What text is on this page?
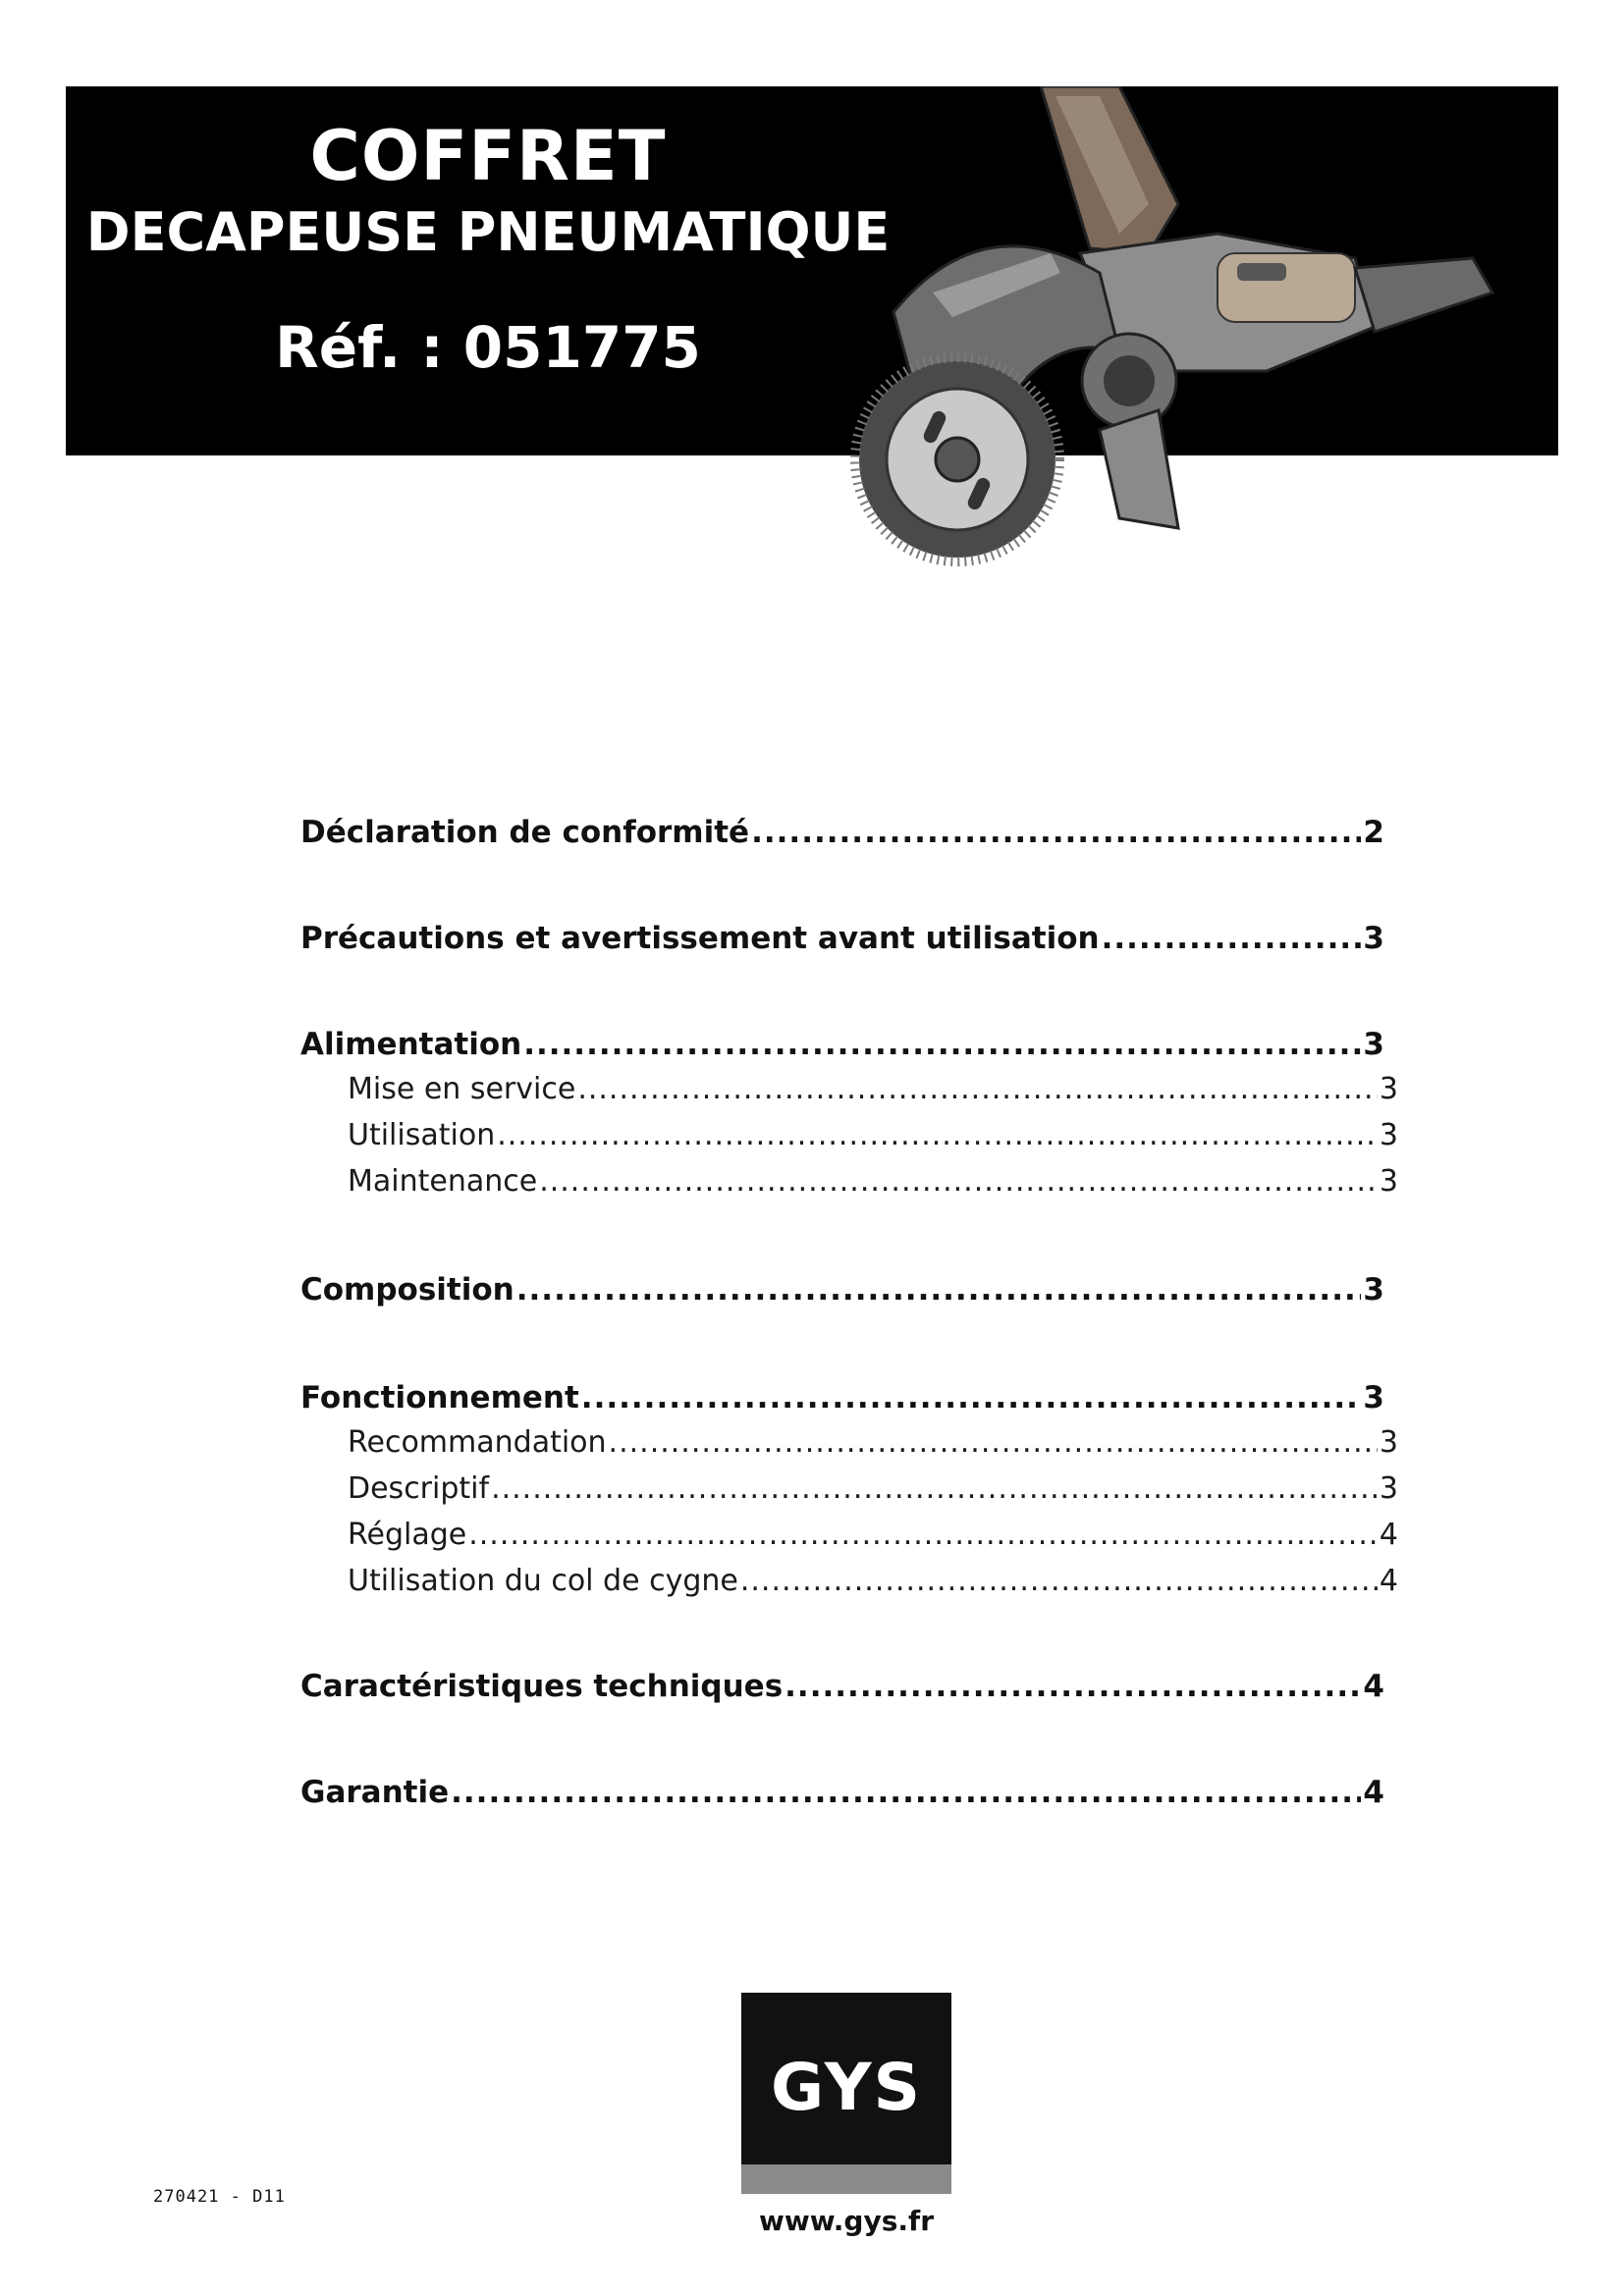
COFFRET
DECAPEUSE PNEUMATIQUE
Réf. : 051775
Déclaration de conformité .....	2
Précautions et avertissement avant utilisation .....	3
Alimentation .....	3
Mise en service .....	3
Utilisation .....	3
Maintenance .....	3
Composition .....	3
Fonctionnement .....	3
Recommandation .....	3
Descriptif .....	3
Réglage .....	4
Utilisation du col de cygne .....	4
Caractéristiques techniques .....	4
Garantie .....	4
GYS
www.gys.fr
270421 - D11
